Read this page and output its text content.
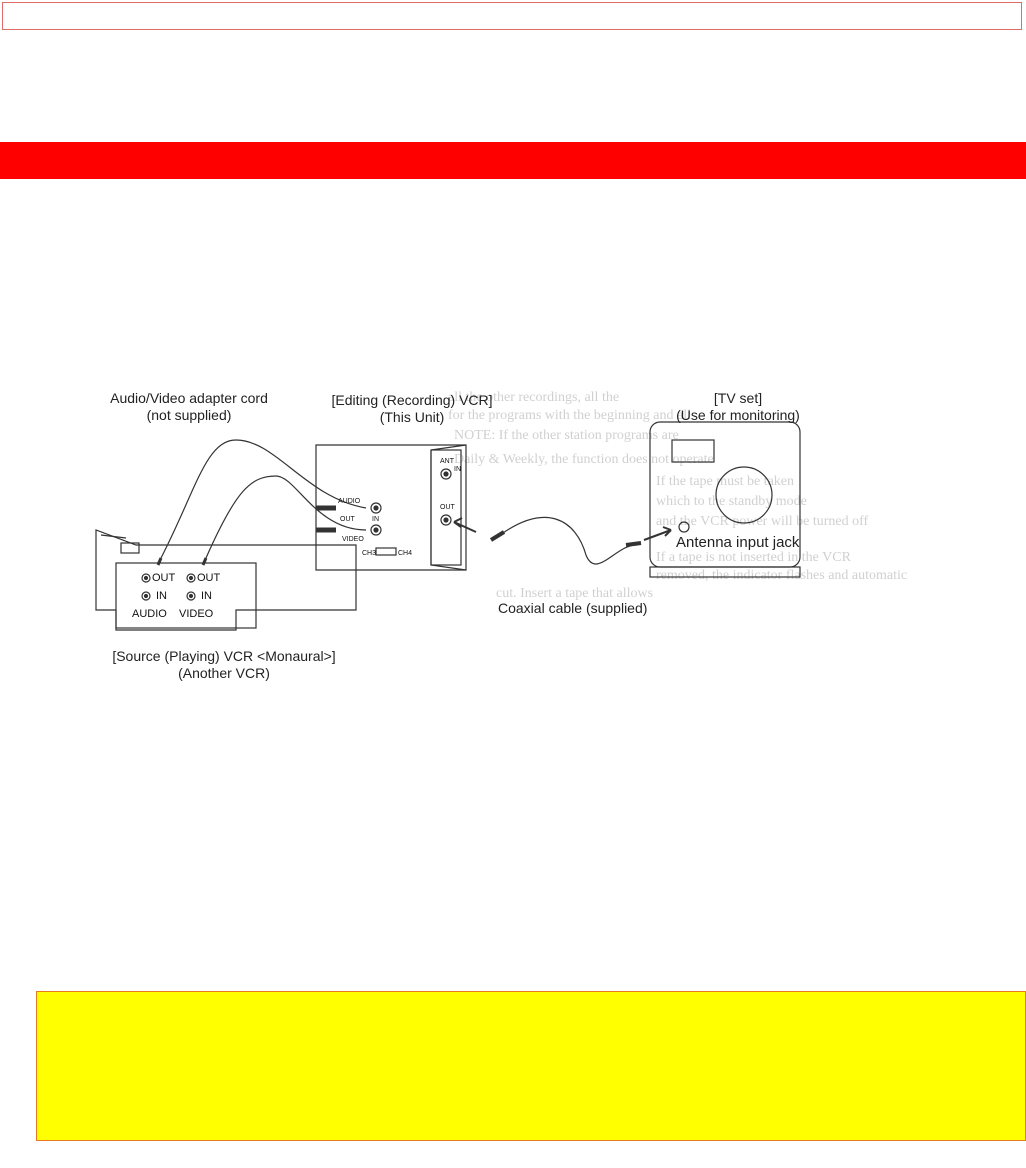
all the other recordings, all the
for the programs with the beginning and all
NOTE: If the other station programs are
Daily & Weekly, the function does not operate
If the tape must be taken
which to the standby mode
and the VCR power will be turned off
If a tape is not inserted in the VCR
removed, the indicator flashes and automatic
cut. Insert a tape that allows
Audio/Video adapter cord
(not supplied)
[Editing (Recording) VCR]
(This Unit)
[TV set]
(Use for monitoring)
Antenna input jack
Coaxial cable (supplied)
[Source (Playing) VCR <Monaural>]
(Another VCR)
OUT OUT
IN	IN
AUDIO VIDEO
AUDIO
OUT IN
VIDEO
ANT
IN
OUT
CH3	CH4
